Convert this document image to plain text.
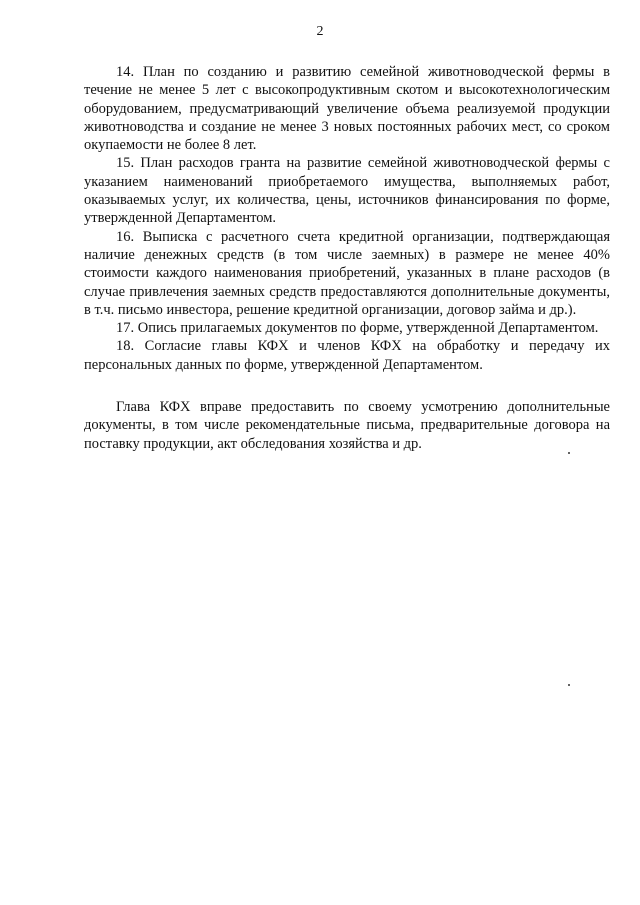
2

14. План по созданию и развитию семейной животноводческой фермы в течение не менее 5 лет с высокопродуктивным скотом и высокотехнологическим оборудованием, предусматривающий увеличение объема реализуемой продукции животноводства и создание не менее 3 новых постоянных рабочих мест, со сроком окупаемости не более 8 лет.

15. План расходов гранта на развитие семейной животноводческой фермы с указанием наименований приобретаемого имущества, выполняемых работ, оказываемых услуг, их количества, цены, источников финансирования по форме, утвержденной Департаментом.

16. Выписка с расчетного счета кредитной организации, подтверждающая наличие денежных средств (в том числе заемных) в размере не менее 40% стоимости каждого наименования приобретений, указанных в плане расходов (в случае привлечения заемных средств предоставляются дополнительные документы, в т.ч. письмо инвестора, решение кредитной организации, договор займа и др.).

17. Опись прилагаемых документов по форме, утвержденной Департаментом.

18. Согласие главы КФХ и членов КФХ на обработку и передачу их персональных данных по форме, утвержденной Департаментом.

Глава КФХ вправе предоставить по своему усмотрению дополнительные документы, в том числе рекомендательные письма, предварительные договора на поставку продукции, акт обследования хозяйства и др.
